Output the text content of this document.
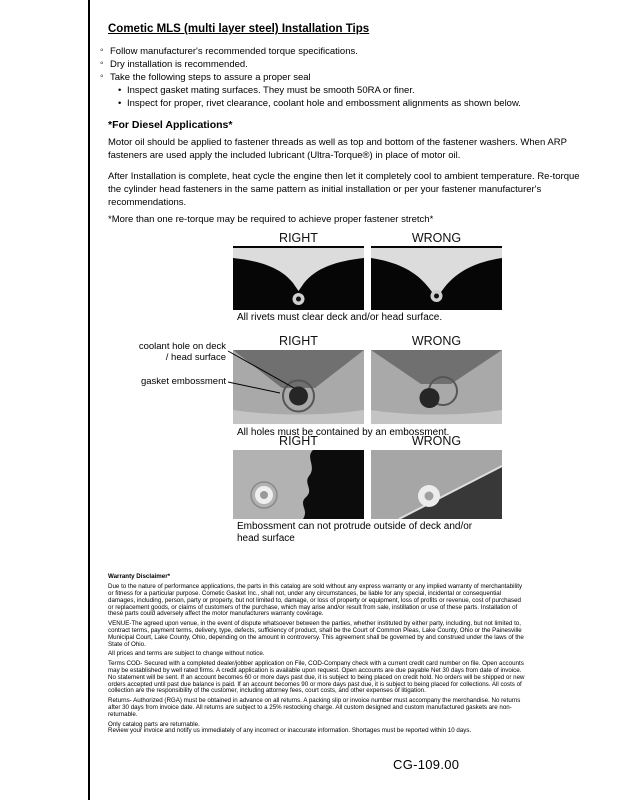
Cometic MLS (multi layer steel) Installation Tips
◦ Follow manufacturer's recommended torque specifications.
◦ Dry installation is recommended.
◦ Take the following steps to assure a proper seal
• Inspect gasket mating surfaces. They must be smooth 50RA or finer.
• Inspect for proper, rivet clearance, coolant hole and embossment alignments as shown below.
*For Diesel Applications*
Motor oil should be applied to fastener threads as well as top and bottom of the fastener washers. When ARP fasteners are used apply the included lubricant (Ultra-Torque®) in place of motor oil.
After Installation is complete, heat cycle the engine then let it completely cool to ambient temperature. Re-torque the cylinder head fasteners in the same pattern as initial installation or per your fastener manufacturer's recommendations.
*More than one re-torque may be required to achieve proper fastener stretch*
RIGHT	WRONG
All rivets must clear deck and/or head surface.
coolant hole on deck / head surface
gasket embossment
RIGHT	WRONG
All holes must be contained by an embossment.
RIGHT	WRONG
Embossment can not protrude outside of deck and/or head surface
Warranty Disclaimer*

Due to the nature of performance applications, the parts in this catalog are sold without any express warranty or any implied warranty of merchantability or fitness for a particular purpose. Cometic Gasket Inc., shall not, under any circumstances, be liable for any special, incidental or consequential damages, including, person, party or property, but not limited to, damage, or loss of property or equipment, loss of profits or revenue, cost of purchased or replacement goods, or claims of customers of the purchase, which may arise and/or result from sale, instillation or use of these parts. Installation of these parts could adversely affect the motor manufacturers warranty coverage.

VENUE-The agreed upon venue, in the event of dispute whatsoever between the parties, whether instituted by either party, including, but not limited to, contract terms, payment terms, delivery, type, defects, sufficiency of product, shall be the Court of Common Pleas, Lake County, Ohio or the Painesville Municipal Court, Lake County, Ohio, depending on the amount in controversy. This agreement shall be governed by and construed under the laws of the State of Ohio.

All prices and terms are subject to change without notice.

Terms COD- Secured with a completed dealer/jobber application on File, COD-Company check with a current credit card number on file. Open accounts may be established by well rated firms. A credit application is available upon request. Open accounts are due payable Net 30 days from date of invoice. No statement will be sent. If an account becomes 60 or more days past due, it is subject to being placed on credit hold. No orders will be shipped or new orders accepted until past due balance is paid. If an account becomes 90 or more days past due, it is subject to being placed for collections. All costs of collection are the responsibility of the customer, including attorney fees, court costs, and other expenses of litigation.

Returns- Authorized (RGA) must be obtained in advance on all returns. A packing slip or invoice number must accompany the merchandise. No returns after 30 days from invoice date. All returns are subject to a 25% restocking charge. All custom designed and custom manufactured gaskets are non-returnable.

Only catalog parts are returnable.

Review your invoice and notify us immediately of any incorrect or inaccurate information. Shortages must be reported within 10 days.

CG-109.00
